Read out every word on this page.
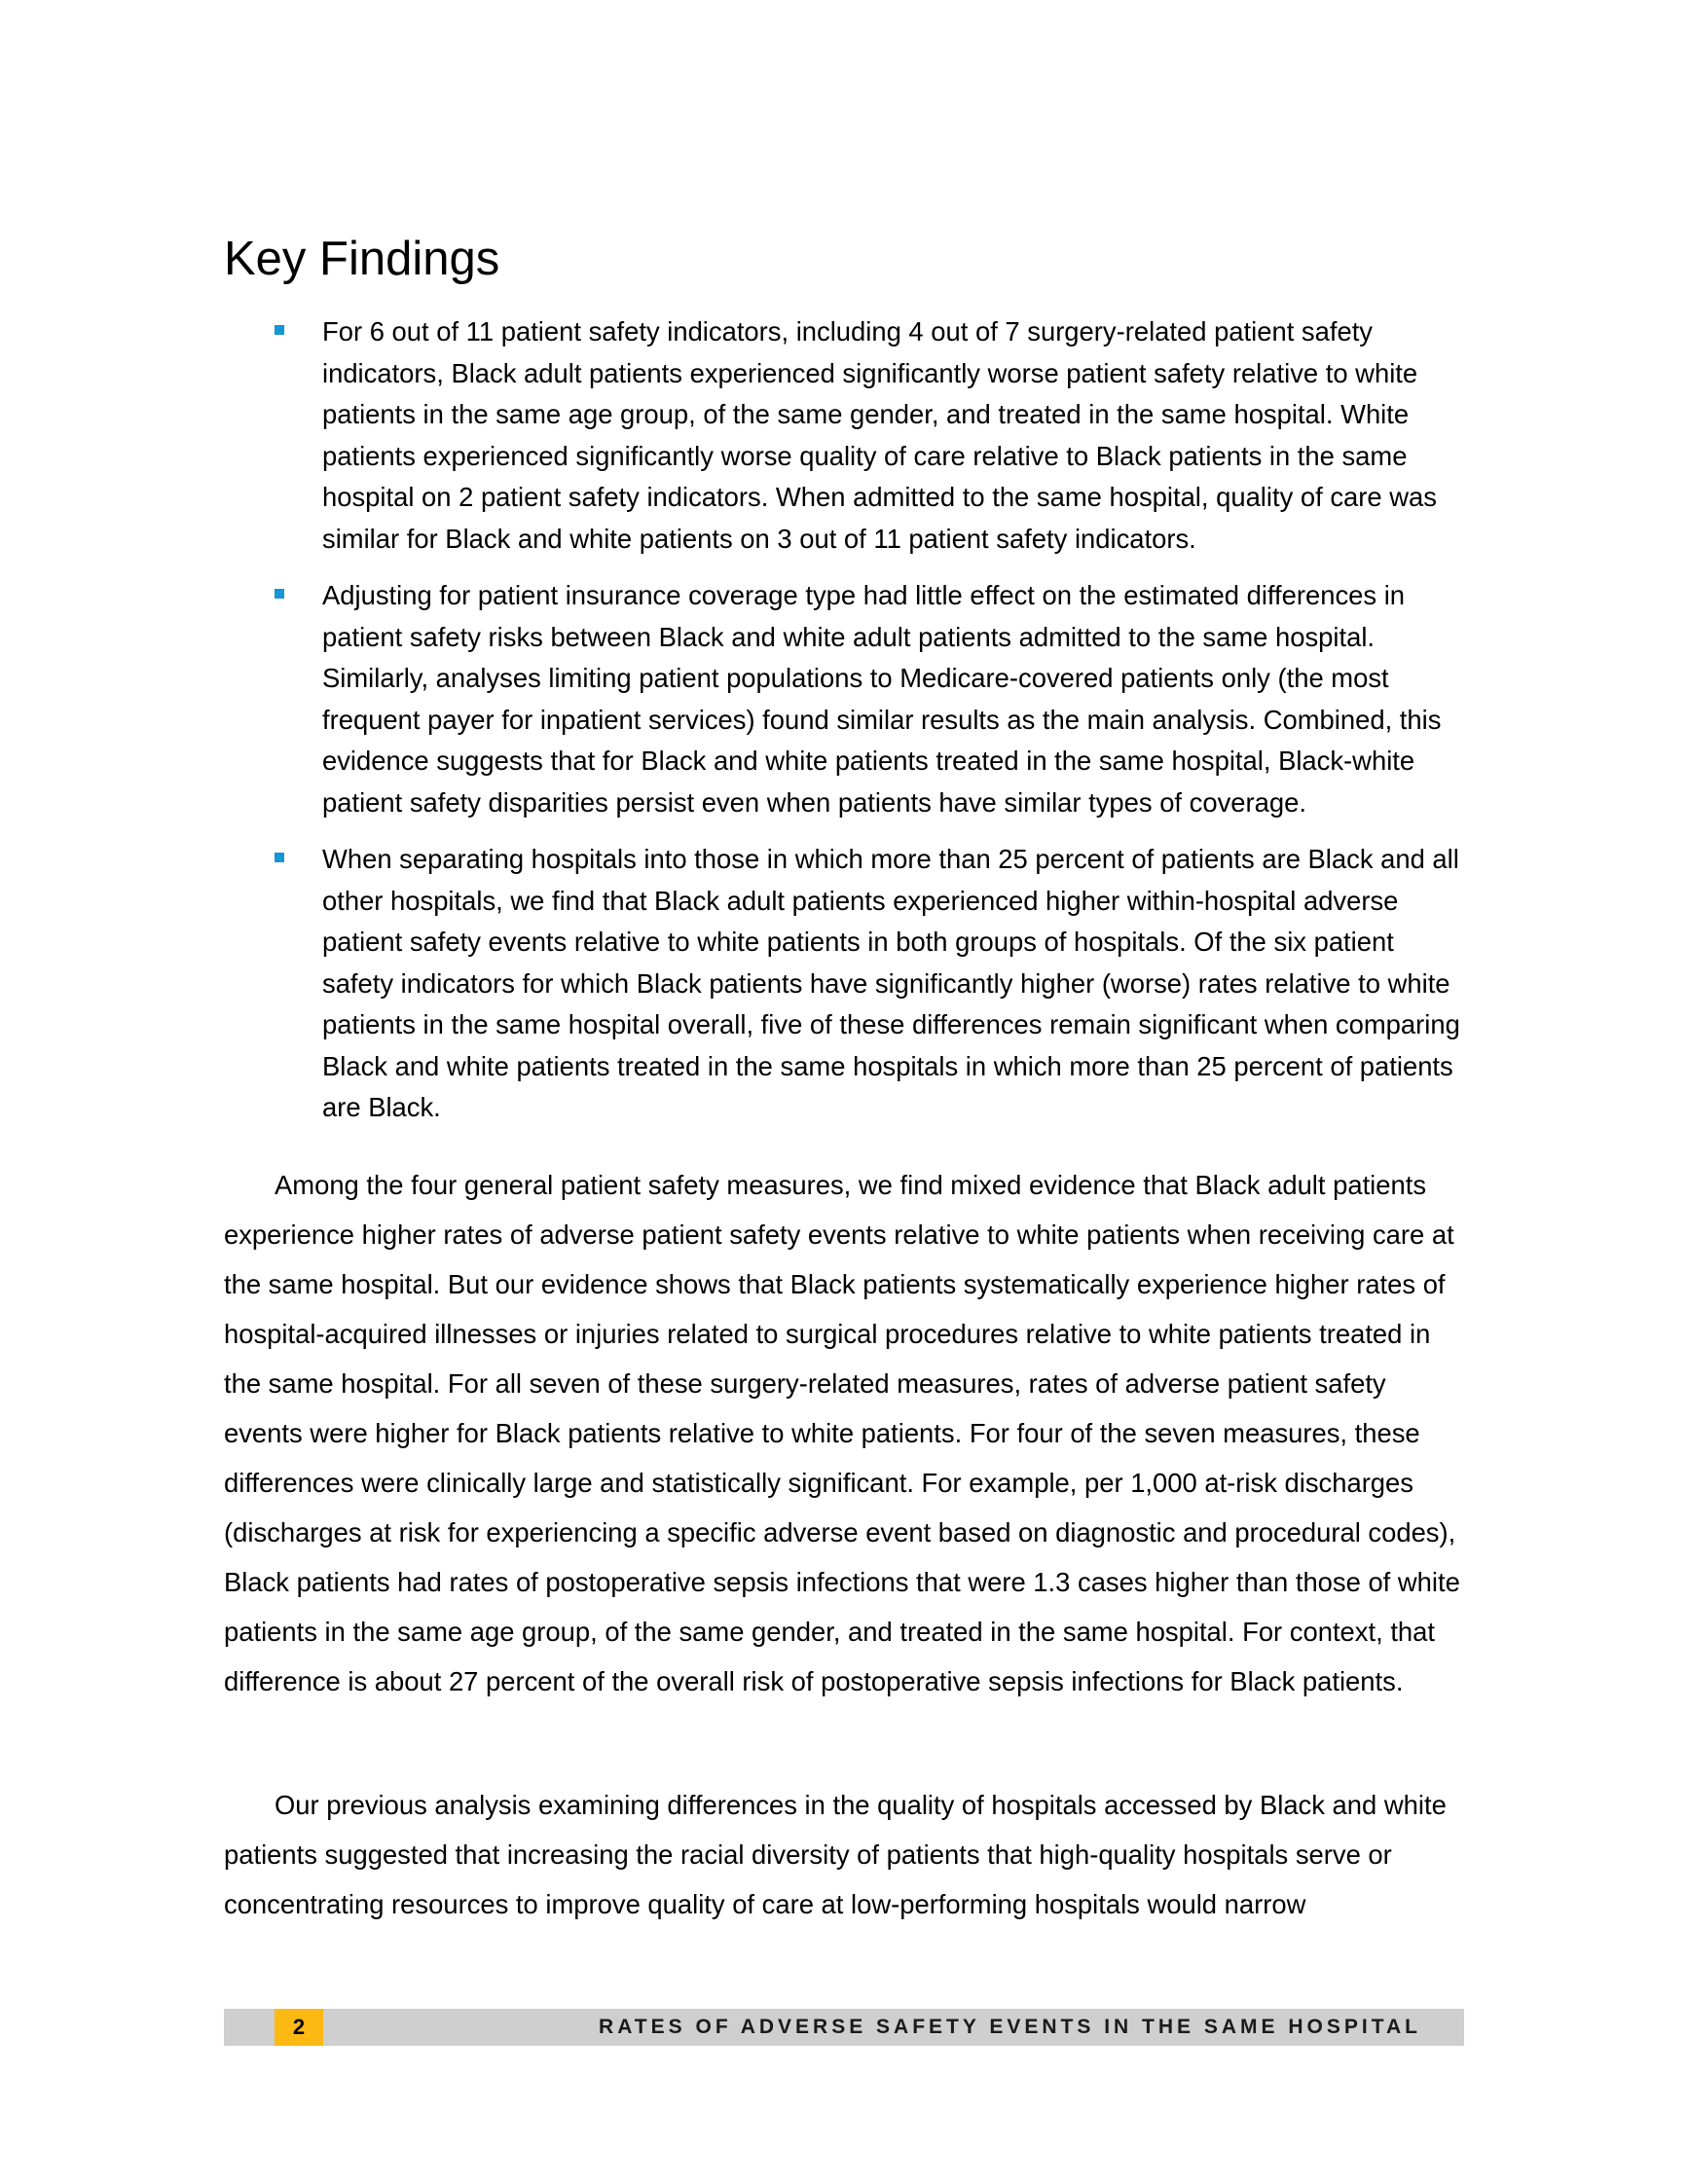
Key Findings
For 6 out of 11 patient safety indicators, including 4 out of 7 surgery-related patient safety indicators, Black adult patients experienced significantly worse patient safety relative to white patients in the same age group, of the same gender, and treated in the same hospital. White patients experienced significantly worse quality of care relative to Black patients in the same hospital on 2 patient safety indicators. When admitted to the same hospital, quality of care was similar for Black and white patients on 3 out of 11 patient safety indicators.
Adjusting for patient insurance coverage type had little effect on the estimated differences in patient safety risks between Black and white adult patients admitted to the same hospital. Similarly, analyses limiting patient populations to Medicare-covered patients only (the most frequent payer for inpatient services) found similar results as the main analysis. Combined, this evidence suggests that for Black and white patients treated in the same hospital, Black-white patient safety disparities persist even when patients have similar types of coverage.
When separating hospitals into those in which more than 25 percent of patients are Black and all other hospitals, we find that Black adult patients experienced higher within-hospital adverse patient safety events relative to white patients in both groups of hospitals. Of the six patient safety indicators for which Black patients have significantly higher (worse) rates relative to white patients in the same hospital overall, five of these differences remain significant when comparing Black and white patients treated in the same hospitals in which more than 25 percent of patients are Black.

Among the four general patient safety measures, we find mixed evidence that Black adult patients experience higher rates of adverse patient safety events relative to white patients when receiving care at the same hospital. But our evidence shows that Black patients systematically experience higher rates of hospital-acquired illnesses or injuries related to surgical procedures relative to white patients treated in the same hospital. For all seven of these surgery-related measures, rates of adverse patient safety events were higher for Black patients relative to white patients. For four of the seven measures, these differences were clinically large and statistically significant. For example, per 1,000 at-risk discharges (discharges at risk for experiencing a specific adverse event based on diagnostic and procedural codes), Black patients had rates of postoperative sepsis infections that were 1.3 cases higher than those of white patients in the same age group, of the same gender, and treated in the same hospital. For context, that difference is about 27 percent of the overall risk of postoperative sepsis infections for Black patients.

Our previous analysis examining differences in the quality of hospitals accessed by Black and white patients suggested that increasing the racial diversity of patients that high-quality hospitals serve or concentrating resources to improve quality of care at low-performing hospitals would narrow

2	RATES OF ADVERSE SAFETY EVENTS IN THE SAME HOSPITAL
